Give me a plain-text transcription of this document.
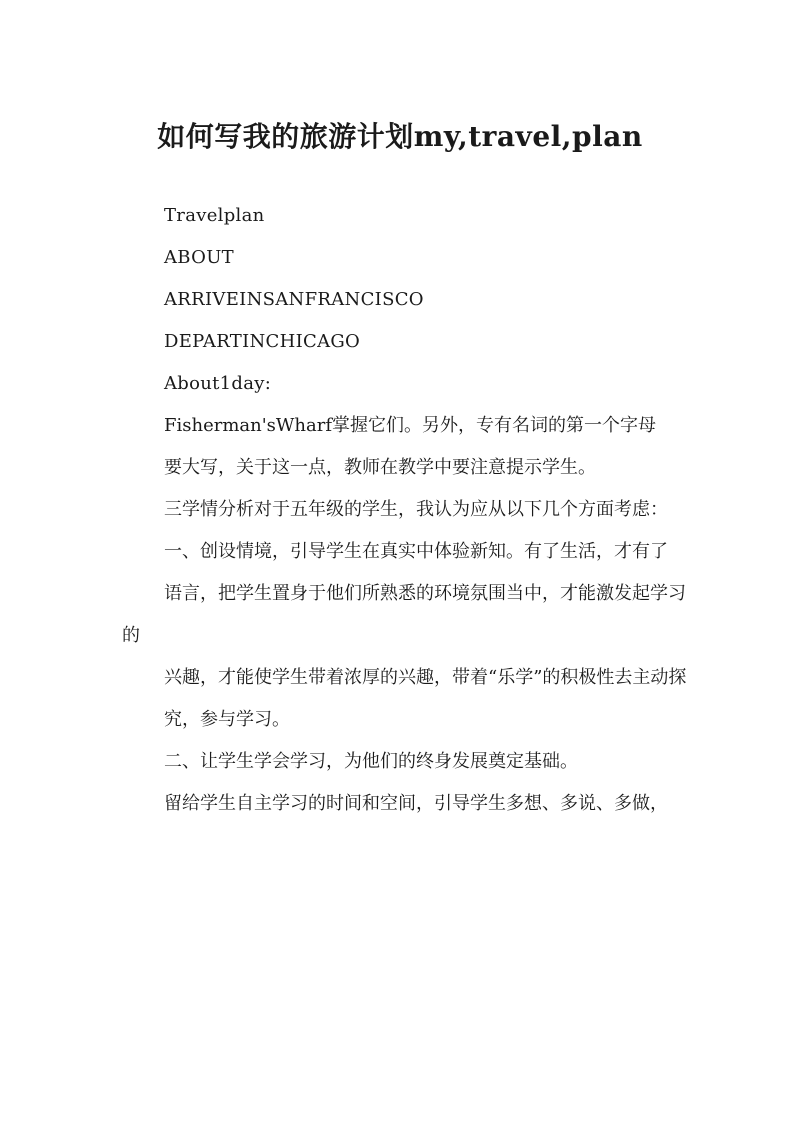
如何写我的旅游计划my,travel,plan

Travelplan

ABOUT

ARRIVEINSANFRANCISCO

DEPARTINCHICAGO

About1day:

Fisherman'sWharf掌握它们。另外，专有名词的第一个字母

要大写，关于这一点，教师在教学中要注意提示学生。

三学情分析对于五年级的学生，我认为应从以下几个方面考虑：

一、创设情境，引导学生在真实中体验新知。有了生活，才有了

语言，把学生置身于他们所熟悉的环境氛围当中，才能激发起学习的

兴趣，才能使学生带着浓厚的兴趣，带着“乐学”的积极性去主动探

究，参与学习。

二、让学生学会学习，为他们的终身发展奠定基础。

留给学生自主学习的时间和空间，引导学生多想、多说、多做，
